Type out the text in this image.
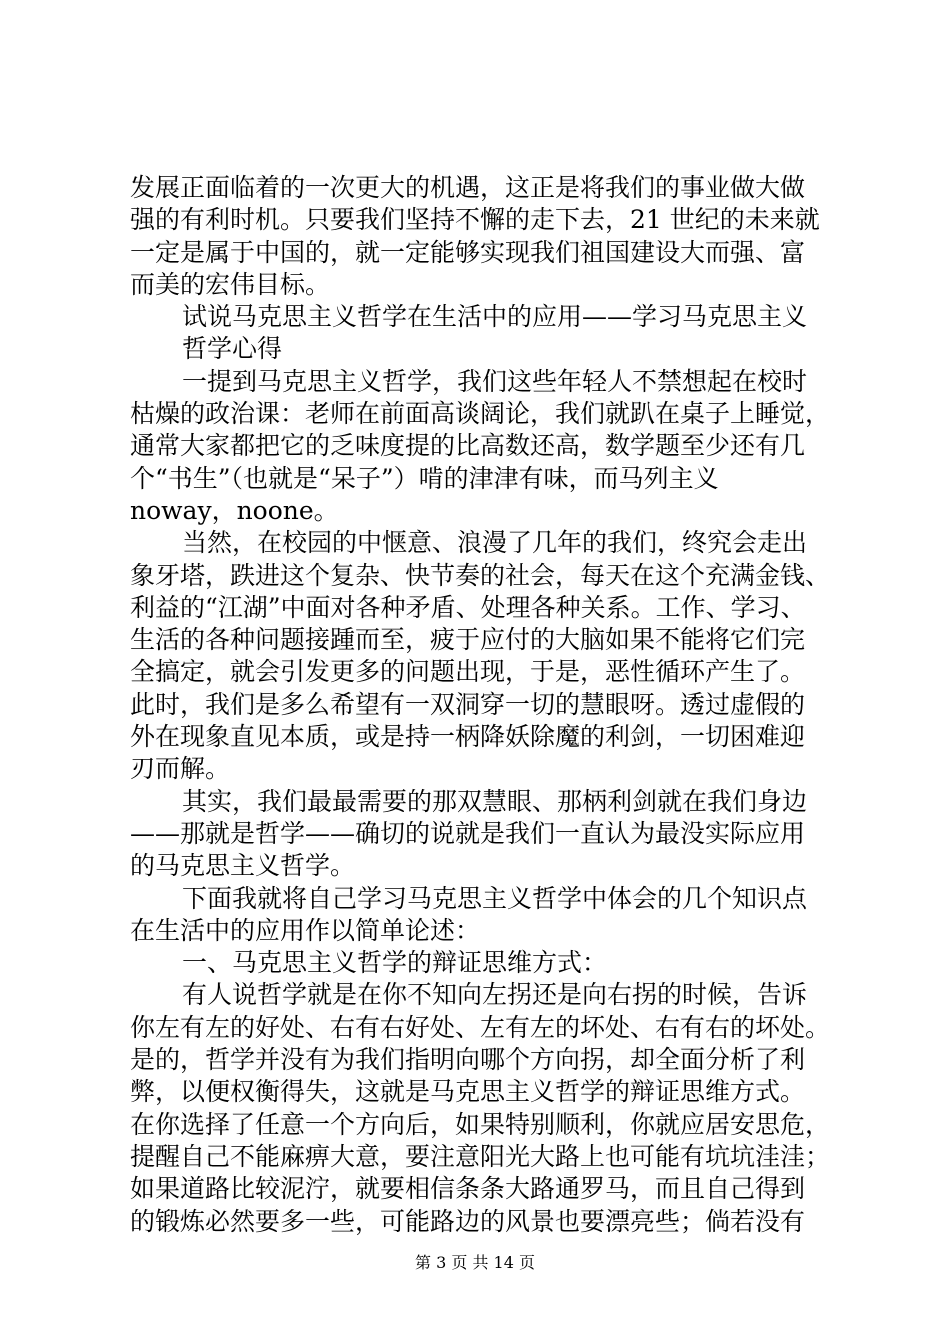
发展正面临着的一次更大的机遇，这正是将我们的事业做大做
强的有利时机。只要我们坚持不懈的走下去，21 世纪的未来就
一定是属于中国的，就一定能够实现我们祖国建设大而强、富
而美的宏伟目标。
试说马克思主义哲学在生活中的应用——学习马克思主义
哲学心得
一提到马克思主义哲学，我们这些年轻人不禁想起在校时
枯燥的政治课：老师在前面高谈阔论，我们就趴在桌子上睡觉，
通常大家都把它的乏味度提的比高数还高，数学题至少还有几
个“书生”（也就是“呆子”）啃的津津有味，而马列主义
noway，noone。
当然，在校园的中惬意、浪漫了几年的我们，终究会走出
象牙塔，跌进这个复杂、快节奏的社会，每天在这个充满金钱、
利益的“江湖”中面对各种矛盾、处理各种关系。工作、学习、
生活的各种问题接踵而至，疲于应付的大脑如果不能将它们完
全搞定，就会引发更多的问题出现，于是，恶性循环产生了。
此时，我们是多么希望有一双洞穿一切的慧眼呀。透过虚假的
外在现象直见本质，或是持一柄降妖除魔的利剑，一切困难迎
刃而解。
其实，我们最最需要的那双慧眼、那柄利剑就在我们身边
——那就是哲学——确切的说就是我们一直认为最没实际应用
的马克思主义哲学。
下面我就将自己学习马克思主义哲学中体会的几个知识点
在生活中的应用作以简单论述：
一、马克思主义哲学的辩证思维方式：
有人说哲学就是在你不知向左拐还是向右拐的时候，告诉
你左有左的好处、右有右好处、左有左的坏处、右有右的坏处。
是的，哲学并没有为我们指明向哪个方向拐，却全面分析了利
弊，以便权衡得失，这就是马克思主义哲学的辩证思维方式。
在你选择了任意一个方向后，如果特别顺利，你就应居安思危，
提醒自己不能麻痹大意，要注意阳光大路上也可能有坑坑洼洼；
如果道路比较泥泞，就要相信条条大路通罗马，而且自己得到
的锻炼必然要多一些，可能路边的风景也要漂亮些；倘若没有
第 3 页 共 14 页
